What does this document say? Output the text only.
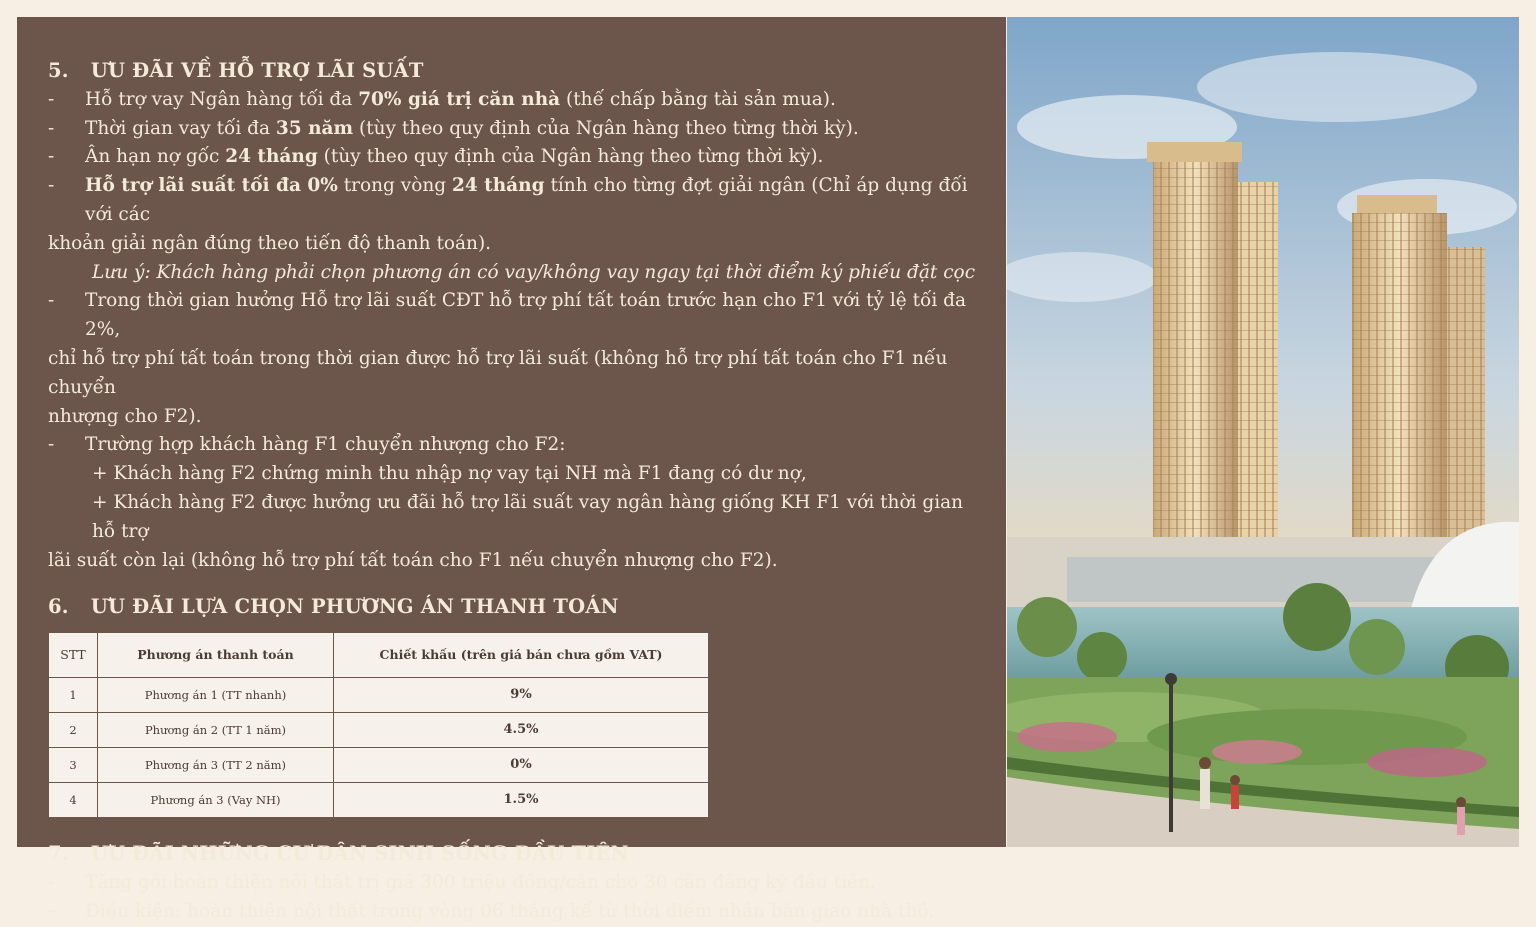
5. ƯU ĐÃI VỀ HỖ TRỢ LÃI SUẤT

-	Hỗ trợ vay Ngân hàng tối đa 70% giá trị căn nhà (thế chấp bằng tài sản mua).

-	Thời gian vay tối đa 35 năm (tùy theo quy định của Ngân hàng theo từng thời kỳ).

-	Ân hạn nợ gốc 24 tháng (tùy theo quy định của Ngân hàng theo từng thời kỳ).

-	Hỗ trợ lãi suất tối đa 0% trong vòng 24 tháng tính cho từng đợt giải ngân (Chỉ áp dụng đối với các

khoản giải ngân đúng theo tiến độ thanh toán).

Lưu ý: Khách hàng phải chọn phương án có vay/không vay ngay tại thời điểm ký phiếu đặt cọc

-	Trong thời gian hưởng Hỗ trợ lãi suất CĐT hỗ trợ phí tất toán trước hạn cho F1 với tỷ lệ tối đa 2%,

chỉ hỗ trợ phí tất toán trong thời gian được hỗ trợ lãi suất (không hỗ trợ phí tất toán cho F1 nếu chuyển

nhượng cho F2).

-	Trường hợp khách hàng F1 chuyển nhượng cho F2:

+ Khách hàng F2 chứng minh thu nhập nợ vay tại NH mà F1 đang có dư nợ,

+ Khách hàng F2 được hưởng ưu đãi hỗ trợ lãi suất vay ngân hàng giống KH F1 với thời gian hỗ trợ

lãi suất còn lại (không hỗ trợ phí tất toán cho F1 nếu chuyển nhượng cho F2).

6. ƯU ĐÃI LỰA CHỌN PHƯƠNG ÁN THANH TOÁN

STT	Phương án thanh toán	Chiết khấu (trên giá bán chưa gồm VAT)
1	Phương án 1 (TT nhanh)	9%
2	Phương án 2 (TT 1 năm)	4.5%
3	Phương án 3 (TT 2 năm)	0%
4	Phương án 3 (Vay NH)	1.5%

7. ƯU ĐÃI NHỮNG CƯ DÂN SINH SỐNG ĐẦU TIÊN

-	Tặng gói hoàn thiện nội thất trị giá 300 triệu đồng/căn cho 30 căn đăng ký đầu tiên.

-	Điều kiện: hoàn thiện nội thất trong vòng 06 tháng kể từ thời điểm nhận bàn giao nhà thô.
